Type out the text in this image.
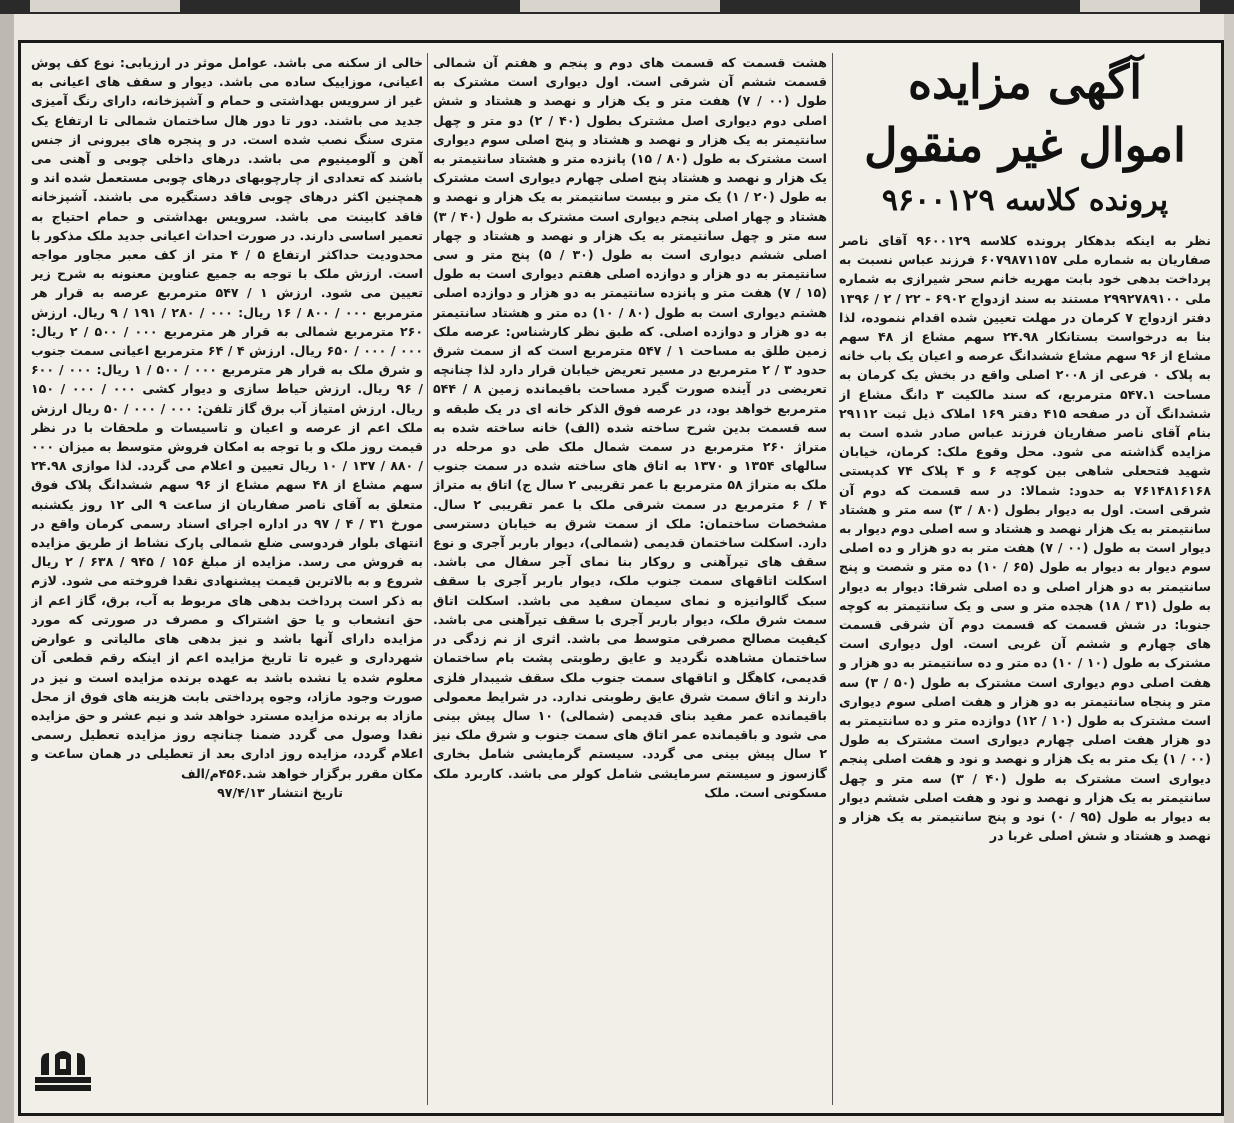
آگهی مزایده
اموال غیر منقول
پرونده کلاسه ۹۶۰۰۱۲۹

نظر به اینکه بدهکار پرونده کلاسه ۹۶۰۰۱۲۹ آقای ناصر صفاریان به شماره ملی ۶۰۷۹۸۷۱۱۵۷ فرزند عباس نسبت به پرداخت بدهی خود بابت مهریه خانم سحر شیرازی به شماره ملی ۲۹۹۲۷۸۹۱۰۰ مستند به سند ازدواج ۶۹۰۲ - ۲۲ / ۲ / ۱۳۹۶ دفتر ازدواج ۷ کرمان در مهلت تعیین شده اقدام ننموده، لذا بنا به درخواست بستانکار ۲۴.۹۸ سهم مشاع از ۴۸ سهم مشاع از ۹۶ سهم مشاع ششدانگ عرصه و اعیان یک باب خانه به پلاک ۰ فرعی از ۲۰۰۸ اصلی واقع در بخش یک کرمان به مساحت ۵۴۷.۱ مترمربع، که سند مالکیت ۳ دانگ مشاع از ششدانگ آن در صفحه ۴۱۵ دفتر ۱۶۹ املاک ذیل ثبت ۲۹۱۱۲ بنام آقای ناصر صفاریان فرزند عباس صادر شده است به مزایده گذاشته می شود. محل وقوع ملک: کرمان، خیابان شهید فتحعلی شاهی بین کوچه ۶ و ۴ پلاک ۷۴ کدپستی ۷۶۱۴۸۱۶۱۶۸ به حدود: شمالا: در سه قسمت که دوم آن شرقی است. اول به دیوار بطول (۸۰ / ۳) سه متر و هشتاد سانتیمتر به یک هزار نهصد و هشتاد و سه اصلی دوم دیوار به دیوار است به طول (۰۰ / ۷) هفت متر به دو هزار و ده اصلی سوم دیوار به دیوار به طول (۶۵ / ۱۰) ده متر و شصت و پنج سانتیمتر به دو هزار اصلی و ده اصلی شرقا: دیوار به دیوار به طول (۳۱ / ۱۸) هجده متر و سی و یک سانتیمتر به کوچه جنوبا: در شش قسمت که قسمت دوم آن شرقی قسمت های چهارم و ششم آن غربی است. اول دیواری است مشترک به طول (۱۰ / ۱۰) ده متر و ده سانتیمتر به دو هزار و هفت اصلی دوم دیواری است مشترک به طول (۵۰ / ۳) سه متر و پنجاه سانتیمتر به دو هزار و هفت اصلی سوم دیواری است مشترک به طول (۱۰ / ۱۲) دوازده متر و ده سانتیمتر به دو هزار هفت اصلی چهارم دیواری است مشترک به طول (۰۰ / ۱) یک متر به یک هزار و نهصد و نود و هفت اصلی پنجم دیواری است مشترک به طول (۴۰ / ۳) سه متر و چهل سانتیمتر به یک هزار و نهصد و نود و هفت اصلی ششم دیوار به دیوار به طول (۹۵ / ۰) نود و پنج سانتیمتر به یک هزار و نهصد و هشتاد و شش اصلی غربا در

هشت قسمت که قسمت های دوم و پنجم و هفتم آن شمالی قسمت ششم آن شرقی است. اول دیواری است مشترک به طول (۰۰ / ۷) هفت متر و یک هزار و نهصد و هشتاد و شش اصلی دوم دیواری اصل مشترک بطول (۴۰ / ۲) دو متر و چهل سانتیمتر به یک هزار و نهصد و هشتاد و پنج اصلی سوم دیواری است مشترک به طول (۸۰ / ۱۵) پانزده متر و هشتاد سانتیمتر به یک هزار و نهصد و هشتاد پنج اصلی چهارم دیواری است مشترک به طول (۲۰ / ۱) یک متر و بیست سانتیمتر به یک هزار و نهصد و هشتاد و چهار اصلی پنجم دیواری است مشترک به طول (۴۰ / ۳) سه متر و چهل سانتیمتر به یک هزار و نهصد و هشتاد و چهار اصلی ششم دیواری است به طول (۳۰ / ۵) پنج متر و سی سانتیمتر به دو هزار و دوازده اصلی هفتم دیواری است به طول (۱۵ / ۷) هفت متر و پانزده سانتیمتر به دو هزار و دوازده اصلی هشتم دیواری است به طول (۸۰ / ۱۰) ده متر و هشتاد سانتیمتر به دو هزار و دوازده اصلی. که طبق نظر کارشناس: عرصه ملک زمین طلق به مساحت ۱ / ۵۴۷ مترمربع است که از سمت شرق حدود ۳ / ۲ مترمربع در مسیر تعریض خیابان قرار دارد لذا چنانچه تعریضی در آینده صورت گیرد مساحت باقیمانده زمین ۸ / ۵۴۴ مترمربع خواهد بود، در عرصه فوق الذکر خانه ای در یک طبقه و سه قسمت بدین شرح ساخته شده (الف) خانه ساخته شده به متراژ ۲۶۰ مترمربع در سمت شمال ملک طی دو مرحله در سالهای ۱۳۵۴ و ۱۳۷۰ به اتاق های ساخته شده در سمت جنوب ملک به متراژ ۵۸ مترمربع با عمر تقریبی ۲ سال ج) اتاق به متراژ ۴ / ۶ مترمربع در سمت شرقی ملک با عمر تقریبی ۲ سال. مشخصات ساختمان: ملک از سمت شرق به خیابان دسترسی دارد. اسکلت ساختمان قدیمی (شمالی)، دیوار باربر آجری و نوع سقف های تیرآهنی و روکار بنا نمای آجر سفال می باشد. اسکلت اتاقهای سمت جنوب ملک، دیوار باربر آجری با سقف سبک گالوانیزه و نمای سیمان سفید می باشد. اسکلت اتاق سمت شرق ملک، دیوار باربر آجری با سقف تیرآهنی می باشد. کیفیت مصالح مصرفی متوسط می باشد. اثری از نم زدگی در ساختمان مشاهده نگردید و عایق رطوبتی پشت بام ساختمان قدیمی، کاهگل و اتاقهای سمت جنوب ملک سقف شیبدار فلزی دارند و اتاق سمت شرق عایق رطوبتی ندارد. در شرایط معمولی باقیمانده عمر مفید بنای قدیمی (شمالی) ۱۰ سال پیش بینی می شود و باقیمانده عمر اتاق های سمت جنوب و شرق ملک نیز ۲ سال پیش بینی می گردد. سیستم گرمایشی شامل بخاری گازسوز و سیستم سرمایشی شامل کولر می باشد. کاربرد ملک مسکونی است. ملک

خالی از سکنه می باشد. عوامل موثر در ارزیابی: نوع کف پوش اعیانی، موزاییک ساده می باشد. دیوار و سقف های اعیانی به غیر از سرویس بهداشتی و حمام و آشپزخانه، دارای رنگ آمیزی جدید می باشند. دور تا دور هال ساختمان شمالی تا ارتفاع یک متری سنگ نصب شده است. در و پنجره های بیرونی از جنس آهن و آلومینیوم می باشد. درهای داخلی چوبی و آهنی می باشند که تعدادی از چارچوبهای درهای چوبی مستعمل شده اند و همچنین اکثر درهای چوبی فاقد دستگیره می باشند. آشپزخانه فاقد کابینت می باشد. سرویس بهداشتی و حمام احتیاج به تعمیر اساسی دارند. در صورت احداث اعیانی جدید ملک مذکور با محدودیت حداکثر ارتفاع ۵ / ۴ متر از کف معبر مجاور مواجه است. ارزش ملک با توجه به جمیع عناوین معنونه به شرح زیر تعیین می شود. ارزش ۱ / ۵۴۷ مترمربع عرصه به قرار هر مترمربع ۰۰۰ / ۸۰۰ / ۱۶ ریال: ۰۰۰ / ۲۸۰ / ۱۹۱ / ۹ ریال. ارزش ۲۶۰ مترمربع شمالی به قرار هر مترمربع ۰۰۰ / ۵۰۰ / ۲ ریال: ۰۰۰ / ۰۰۰ / ۶۵۰ ریال. ارزش ۴ / ۶۴ مترمربع اعیانی سمت جنوب و شرق ملک به قرار هر مترمربع ۰۰۰ / ۵۰۰ / ۱ ریال: ۰۰۰ / ۶۰۰ / ۹۶ ریال. ارزش حیاط سازی و دیوار کشی ۰۰۰ / ۰۰۰ / ۱۵۰ ریال. ارزش امتیاز آب برق گاز تلفن: ۰۰۰ / ۰۰۰ / ۵۰ ریال ارزش ملک اعم از عرصه و اعیان و تاسیسات و ملحقات با در نظر قیمت روز ملک و با توجه به امکان فروش متوسط به میزان ۰۰۰ / ۸۸۰ / ۱۳۷ / ۱۰ ریال تعیین و اعلام می گردد. لذا موازی ۲۴.۹۸ سهم مشاع از ۴۸ سهم مشاع از ۹۶ سهم ششدانگ پلاک فوق متعلق به آقای ناصر صفاریان از ساعت ۹ الی ۱۲ روز یکشنبه مورخ ۳۱ / ۴ / ۹۷ در اداره اجرای اسناد رسمی کرمان واقع در انتهای بلوار فردوسی ضلع شمالی پارک نشاط از طریق مزایده به فروش می رسد. مزایده از مبلغ ۱۵۶ / ۹۴۵ / ۶۳۸ / ۲ ریال شروع و به بالاترین قیمت پیشنهادی نقدا فروخته می شود. لازم به ذکر است پرداخت بدهی های مربوط به آب، برق، گاز اعم از حق انشعاب و یا حق اشتراک و مصرف در صورتی که مورد مزایده دارای آنها باشد و نیز بدهی های مالیاتی و عوارض شهرداری و غیره تا تاریخ مزایده اعم از اینکه رقم قطعی آن معلوم شده یا نشده باشد به عهده برنده مزایده است و نیز در صورت وجود مازاد، وجوه پرداختی بابت هزینه های فوق از محل مازاد به برنده مزایده مسترد خواهد شد و نیم عشر و حق مزایده نقدا وصول می گردد ضمنا چنانچه روز مزایده تعطیل رسمی اعلام گردد، مزایده روز اداری بعد از تعطیلی در همان ساعت و مکان مقرر برگزار خواهد شد.۴۵۶م/الف

تاریخ انتشار ۹۷/۴/۱۳
